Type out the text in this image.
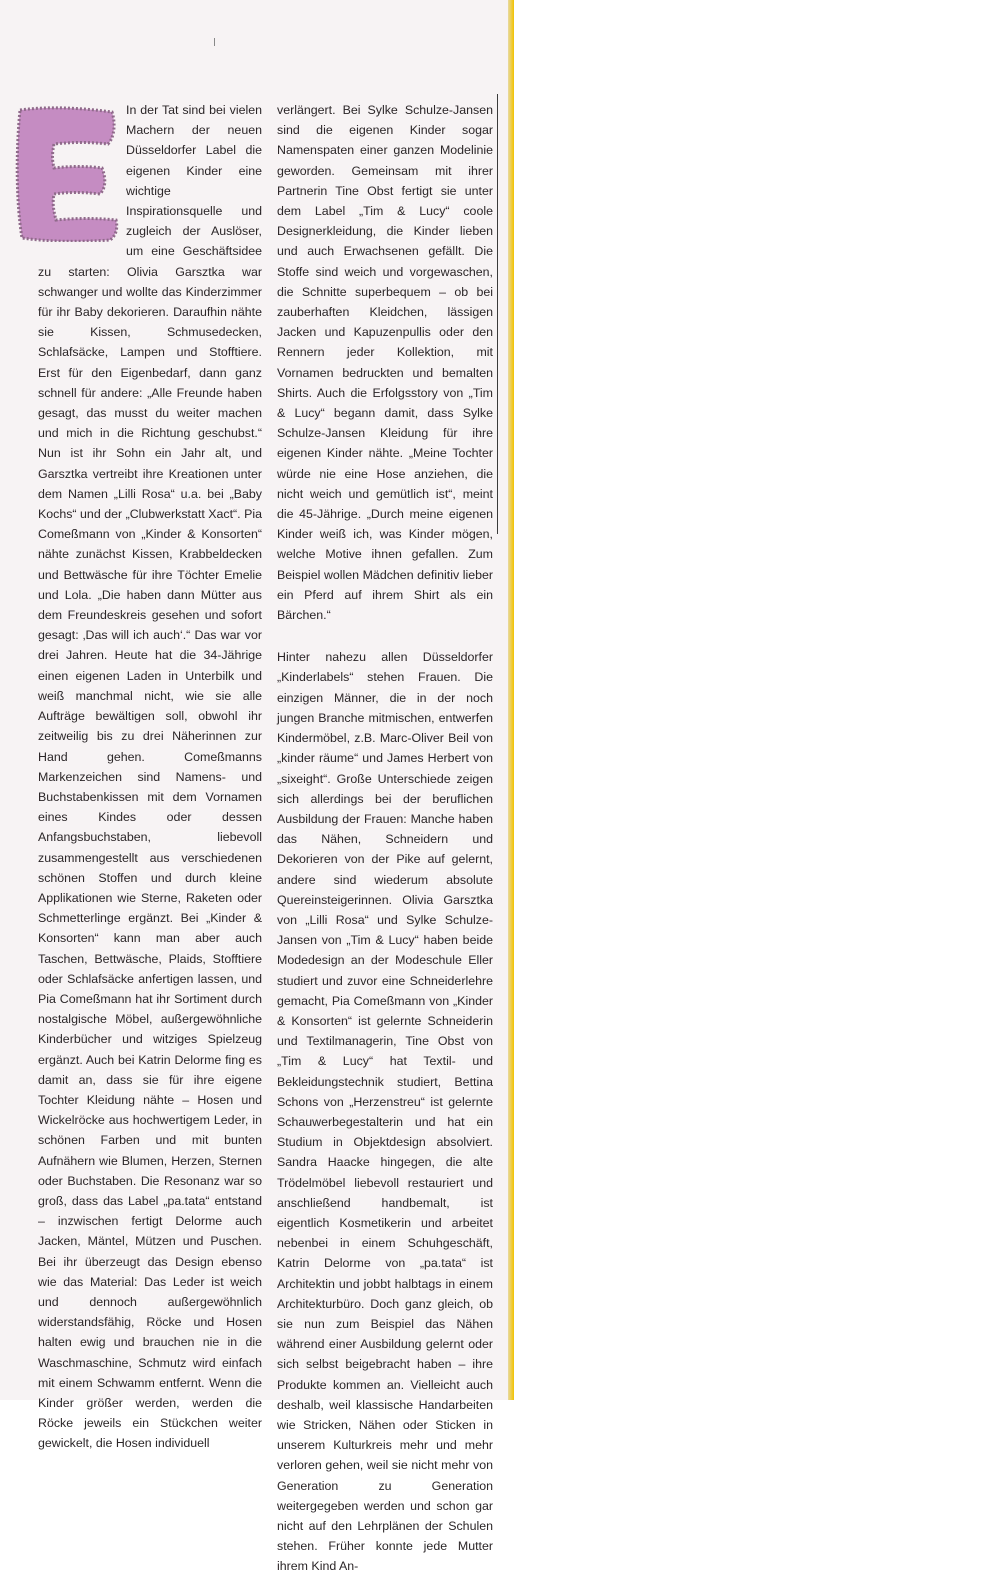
E
In der Tat sind bei vielen Machern der neuen Düsseldorfer Label die eigenen Kinder eine wichtige Inspirationsquelle und zugleich der Auslöser, um eine Geschäftsidee zu starten: Olivia Garsztka war schwanger und wollte das Kinderzimmer für ihr Baby dekorieren. Daraufhin nähte sie Kissen, Schmusedecken, Schlafsäcke, Lampen und Stofftiere. Erst für den Eigenbedarf, dann ganz schnell für andere: „Alle Freunde haben gesagt, das musst du weiter machen und mich in die Richtung geschubst.“ Nun ist ihr Sohn ein Jahr alt, und Garsztka vertreibt ihre Kreationen unter dem Namen „Lilli Rosa“ u.a. bei „Baby Kochs“ und der „Clubwerkstatt Xact“. Pia Comeßmann von „Kinder & Konsorten“ nähte zunächst Kissen, Krabbeldecken und Bettwäsche für ihre Töchter Emelie und Lola. „Die haben dann Mütter aus dem Freundeskreis gesehen und sofort gesagt: ‚Das will ich auch‘.“ Das war vor drei Jahren. Heute hat die 34-Jährige einen eigenen Laden in Unterbilk und weiß manchmal nicht, wie sie alle Aufträge bewältigen soll, obwohl ihr zeitweilig bis zu drei Näherinnen zur Hand gehen. Comeßmanns Markenzeichen sind Namens- und Buchstabenkissen mit dem Vornamen eines Kindes oder dessen Anfangsbuchstaben, liebevoll zusammengestellt aus verschiedenen schönen Stoffen und durch kleine Applikationen wie Sterne, Raketen oder Schmetterlinge ergänzt. Bei „Kinder & Konsorten“ kann man aber auch Taschen, Bettwäsche, Plaids, Stofftiere oder Schlafsäcke anfertigen lassen, und Pia Comeßmann hat ihr Sortiment durch nostalgische Möbel, außergewöhnliche Kinderbücher und witziges Spielzeug ergänzt. Auch bei Katrin Delorme fing es damit an, dass sie für ihre eigene Tochter Kleidung nähte – Hosen und Wickelröcke aus hochwertigem Leder, in schönen Farben und mit bunten Aufnähern wie Blumen, Herzen, Sternen oder Buchstaben. Die Resonanz war so groß, dass das Label „pa.tata“ entstand – inzwischen fertigt Delorme auch Jacken, Mäntel, Mützen und Puschen. Bei ihr überzeugt das Design ebenso wie das Material: Das Leder ist weich und dennoch außergewöhnlich widerstandsfähig, Röcke und Hosen halten ewig und brauchen nie in die Waschmaschine, Schmutz wird einfach mit einem Schwamm entfernt. Wenn die Kinder größer werden, werden die Röcke jeweils ein Stückchen weiter gewickelt, die Hosen individuell

verlängert. Bei Sylke Schulze-Jansen sind die eigenen Kinder sogar Namenspaten einer ganzen Modelinie geworden. Gemeinsam mit ihrer Partnerin Tine Obst fertigt sie unter dem Label „Tim & Lucy“ coole Designerkleidung, die Kinder lieben und auch Erwachsenen gefällt. Die Stoffe sind weich und vorgewaschen, die Schnitte superbequem – ob bei zauberhaften Kleidchen, lässigen Jacken und Kapuzenpullis oder den Rennern jeder Kollektion, mit Vornamen bedruckten und bemalten Shirts. Auch die Erfolgsstory von „Tim & Lucy“ begann damit, dass Sylke Schulze-Jansen Kleidung für ihre eigenen Kinder nähte. „Meine Tochter würde nie eine Hose anziehen, die nicht weich und gemütlich ist“, meint die 45-Jährige. „Durch meine eigenen Kinder weiß ich, was Kinder mögen, welche Motive ihnen gefallen. Zum Beispiel wollen Mädchen definitiv lieber ein Pferd auf ihrem Shirt als ein Bärchen.“

Hinter nahezu allen Düsseldorfer „Kinderlabels“ stehen Frauen. Die einzigen Männer, die in der noch jungen Branche mitmischen, entwerfen Kindermöbel, z.B. Marc-Oliver Beil von „kinder räume“ und James Herbert von „sixeight“. Große Unterschiede zeigen sich allerdings bei der beruflichen Ausbildung der Frauen: Manche haben das Nähen, Schneidern und Dekorieren von der Pike auf gelernt, andere sind wiederum absolute Quereinsteigerinnen. Olivia Garsztka von „Lilli Rosa“ und Sylke Schulze-Jansen von „Tim & Lucy“ haben beide Modedesign an der Modeschule Eller studiert und zuvor eine Schneiderlehre gemacht, Pia Comeßmann von „Kinder & Konsorten“ ist gelernte Schneiderin und Textilmanagerin, Tine Obst von „Tim & Lucy“ hat Textil- und Bekleidungstechnik studiert, Bettina Schons von „Herzenstreu“ ist gelernte Schauwerbegestalterin und hat ein Studium in Objektdesign absolviert. Sandra Haacke hingegen, die alte Trödelmöbel liebevoll restauriert und anschließend handbemalt, ist eigentlich Kosmetikerin und arbeitet nebenbei in einem Schuhgeschäft, Katrin Delorme von „pa.tata“ ist Architektin und jobbt halbtags in einem Architekturbüro. Doch ganz gleich, ob sie nun zum Beispiel das Nähen während einer Ausbildung gelernt oder sich selbst beigebracht haben – ihre Produkte kommen an. Vielleicht auch deshalb, weil klassische Handarbeiten wie Stricken, Nähen oder Sticken in unserem Kulturkreis mehr und mehr verloren gehen, weil sie nicht mehr von Generation zu Generation weitergegeben werden und schon gar nicht auf den Lehrplänen der Schulen stehen. Früher konnte jede Mutter ihrem Kind An-
